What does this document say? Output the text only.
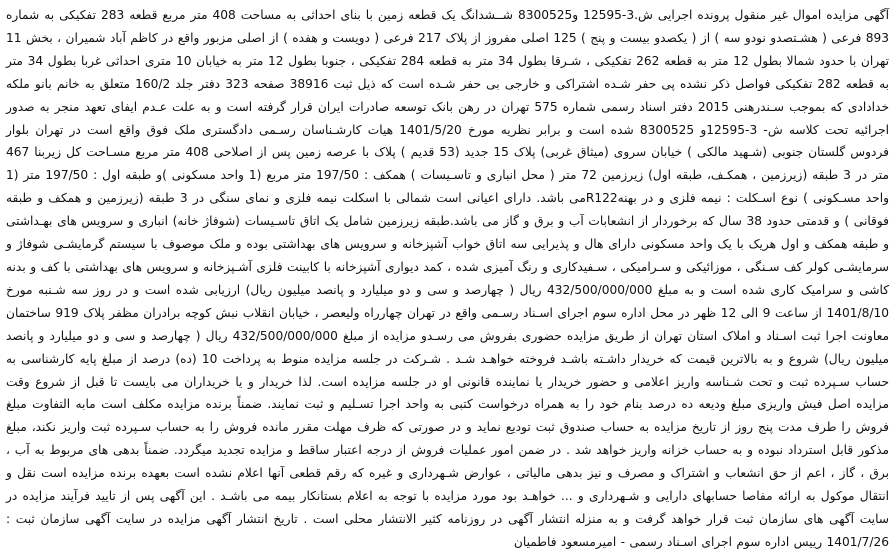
آگهی مزایده اموال غیر منقول پرونده اجرایی ش.3-12595 و8300525 شــشدانگ یک قطعه زمین با بنای احداثی به مساحت 408 متر مربع قطعه 283 تفکیکی به شماره 893 فرعی ( هشـتصدو نودو سه ) از ( یکصدو بیست و پنج ) 125 اصلی مفروز از پلاک 217 فرعی ( دویست و هفده ) از اصلی مزبور واقع در کاظم آباد شمیران ، بخش 11 تهران با حدود شمالا بطول 12 متر به قطعه 262 تفکیکی ، شـرقا بطول 34 متر به قطعه 284 تفکیکی ، جنوبا بطول 12 متر به خیابان 10 متری احداثی غربا بطول 34 متر به قطعه 282 تفکیکی فواصل ذکر نشده پی حفر شـده اشتراکی و خارجی بی حفر شـده است که ذیل ثبت 38916 صفحه 323 دفتر جلد 160/2 متعلق به خانم بانو ملکه خدادادی که بموجب سـندرهنی 2015 دفتر اسناد رسمی شماره 575 تهران در رهن بانک توسعه صادرات ایران قرار گرفته است و به علت عـدم ایفای تعهد منجر به صدور اجرائیه تحت کلاسه ش- 3-12595و 8300525 شده است و برابر نظریه مورخ 1401/5/20 هیات کارشـناسان رسـمی دادگستری ملک فوق واقع است در تهران بلوار فردوس گلستان جنوبی (شـهید مالکی ) خیابان سروی (میثاق غربی) پلاک 15 جدید (53 قدیم ) پلاک با عرصه زمین پس از اصلاحی 408 متر مربع مسـاحت کل زیربنا 467 متر در 3 طبقه (زیرزمین ، همکـف، طبقه اول) زیرزمین 72 متر ( محل انباری و تاسـیسات ) همکف : 197/50 متر مربع (1 واحد مسکونی )و طبقه اول : 197/50 متر (1 واحد مسـکونی ) نوع اسـکلت : نیمه فلزی و در بهنهR122می باشد. دارای اعیانی است شمالی با اسکلت نیمه فلزی و نمای سنگی در 3 طبقه (زیرزمین و همکف و طبقه فوقانی ) و قدمتی حدود 38 سال که برخوردار از انشعابات آب و برق و گاز می باشد.طبقه زیرزمین شامل یک اتاق تاسـیسات (شوفاژ خانه) انباری و سرویس های بهـداشتی و طبقه همکف و اول هریک با یک واحد مسکونی دارای هال و پذیرایی سه اتاق خواب آشپزخانه و سرویس های بهداشتی بوده و ملک موصوف با سیستم گرمایشـی شوفاژ و سرمایشـی کولر کف سـنگی ، موزائیکی و سـرامیکی ، سـفیدکاری و رنگ آمیزی شده ، کمد دیواری آشپزخانه با کابینت فلزی آشـپزخانه و سرویس های بهداشتی با کف و بدنه کاشی و سرامیک کاری شده است و به مبلغ 432/500/000/000 ریال ( چهارصد و سی و دو میلیارد و پانصد میلیون ریال) ارزیابی شده است و در روز سه شـنبه مورخ 1401/8/10 از ساعت 9 الی 12 ظهر در محل اداره سوم اجرای اسـناد رسـمی واقع در تهران چهارراه ولیعصر ، خیابان انقلاب نبش کوچه برادران مظفر پلاک 919 ساختمان معاونت اجرا ثبت اسـناد و املاک استان تهران از طریق مزایده حضوری بفروش می رسـدو مزایده از مبلغ 432/500/000/000 ریال ( چهارصد و سی و دو میلیارد و پانصد میلیون ریال) شروع و به بالاترین قیمت که خریدار داشـته باشـد فروخته خواهـد شـد . شـرکت در جلسه مزایده منوط به پرداخت 10 (ده) درصد از مبلغ پایه کارشناسی به حساب سـپرده ثبت و تحت شـناسه واریز اعلامی و حضور خریدار یا نماینده قانونی او در جلسه مزایده است. لذا خریدار و یا خریداران می بایست تا قبل از شروع وقت مزایده اصل فیش واریزی مبلغ ودیعه ده درصد بنام خود را به همراه درخواست کتبی به واحد اجرا تسـلیم و ثبت نمایند. ضمناً برنده مزایده مکلف است مابه التفاوت مبلغ فروش را طرف مدت پنج روز از تاریخ مزایده به حساب صندوق ثبت توديع نمايد و در صورتی که ظرف مهلت مقرر مانده فروش را به حساب سـپرده ثبت واریز نکند، مبلغ مذکور قابل استرداد نبوده و به حساب خزانه واریز خواهد شد . در ضمن امور عملیات فروش از درجه اعتبار ساقط و مزایده تجدید میگردد. ضمناً بدهی های مربوط به آب ، برق ، گاز ، اعم از حق انشعاب و اشتراک و مصرف و نیز بدهی مالیاتی ، عوارض شـهرداری و غیره که رقم قطعی آنها اعلام نشده است بعهده برنده مزایده است نقل و انتقال موکول به ارائه مفاصا حسابهای دارایی و شـهرداری و ... خواهـد بود مورد مزایده با توجه به اعلام بستانکار بیمه می باشـد . این آگهی پس از تایید فرآیند مزایده در سایت آگهی های سازمان ثبت قرار خواهد گرفت و به منزله انتشار آگهی در روزنامه کثیر الانتشار محلی است . تاریخ انتشار آگهی مزایده در سایت آگهی سازمان ثبت : 1401/7/26 رییس اداره سوم اجرای اسـناد رسمی - امیرمسعود فاطمیان
